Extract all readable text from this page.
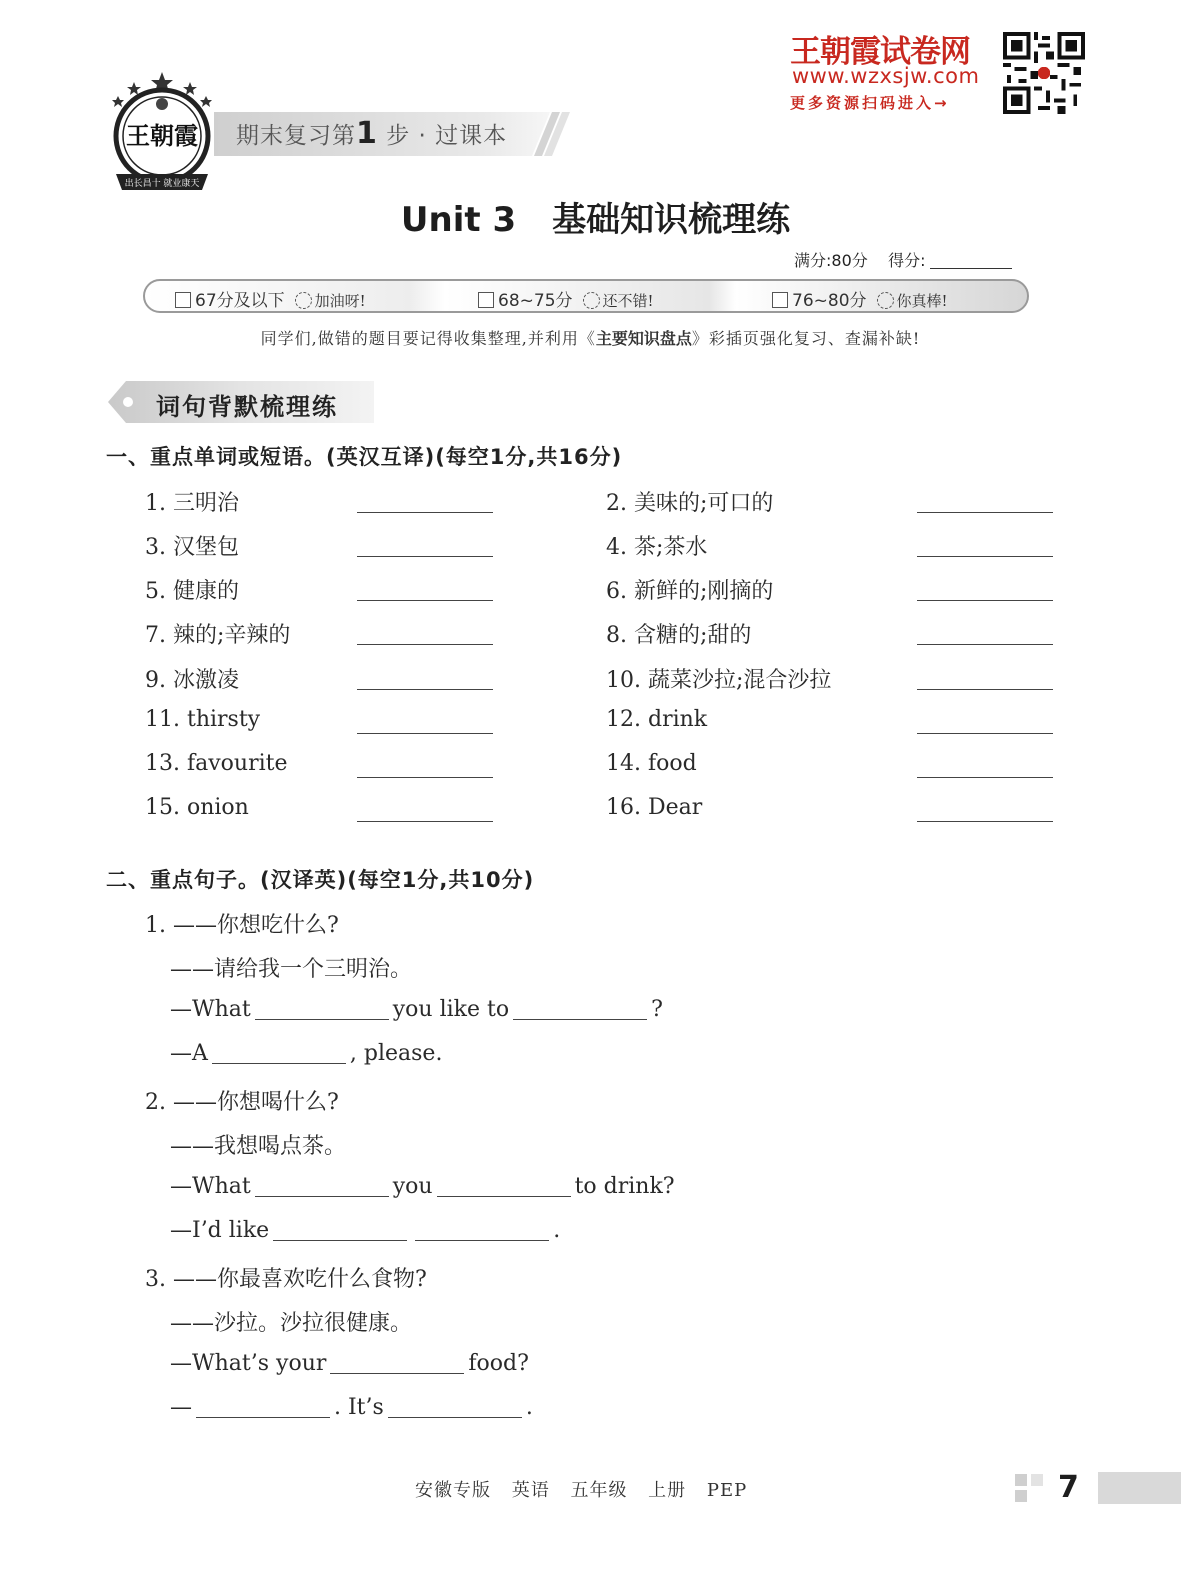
王朝霞
出长昌十 就业康天
期末复习第1 步 · 过课本
王朝霞试卷网
www.wzxsjw.com
更多资源扫码进入→
Unit 3 基础知识梳理练
满分:80分 得分:
67分及以下 加油呀!	68~75分 还不错!	76~80分 你真棒!
同学们,做错的题目要记得收集整理,并利用《主要知识盘点》彩插页强化复习、查漏补缺!
词句背默梳理练
一、重点单词或短语。(英汉互译)(每空1分,共16分)
1. 三明治	2. 美味的;可口的
3. 汉堡包	4. 茶;茶水
5. 健康的	6. 新鲜的;刚摘的
7. 辣的;辛辣的	8. 含糖的;甜的
9. 冰激凌	10. 蔬菜沙拉;混合沙拉
11. thirsty	12. drink
13. favourite	14. food
15. onion	16. Dear
二、重点句子。(汉译英)(每空1分,共10分)
1. ——你想吃什么?
——请给我一个三明治。
—What	you like to	?
—A	, please.
2. ——你想喝什么?
——我想喝点茶。
—What	you	to drink?
—I’d like	.
3. ——你最喜欢吃什么食物?
——沙拉。沙拉很健康。
—What’s your	food?
—	. It’s	.
安徽专版 英语 五年级 上册 PEP	7
